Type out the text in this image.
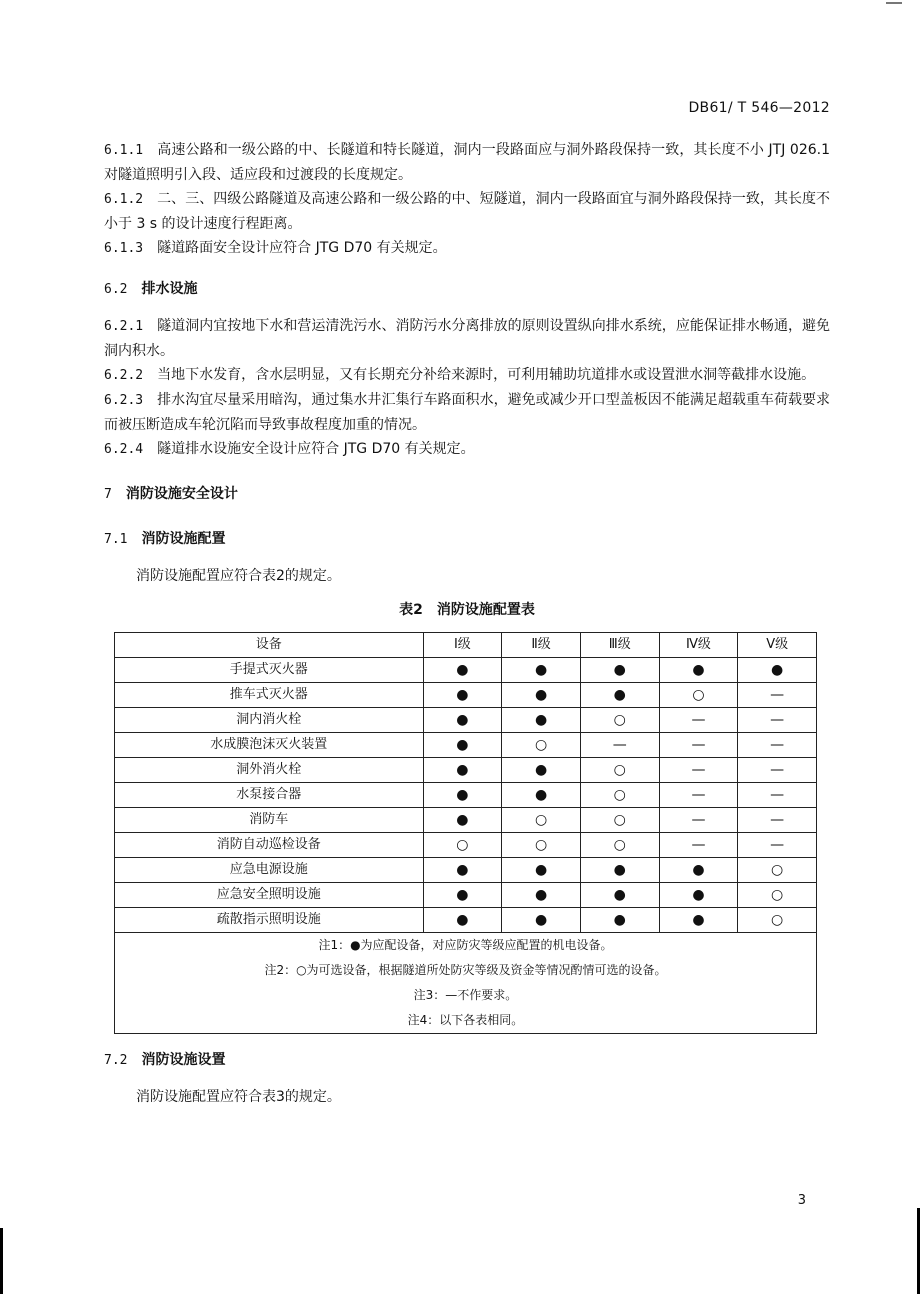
DB61/ T 546—2012

6.1.1 高速公路和一级公路的中、长隧道和特长隧道，洞内一段路面应与洞外路段保持一致，其长度不小 JTJ 026.1 对隧道照明引入段、适应段和过渡段的长度规定。

6.1.2 二、三、四级公路隧道及高速公路和一级公路的中、短隧道，洞内一段路面宜与洞外路段保持一致，其长度不小于 3 s 的设计速度行程距离。

6.1.3 隧道路面安全设计应符合 JTG D70 有关规定。

6.2 排水设施

6.2.1 隧道洞内宜按地下水和营运清洗污水、消防污水分离排放的原则设置纵向排水系统，应能保证排水畅通，避免洞内积水。

6.2.2 当地下水发育，含水层明显，又有长期充分补给来源时，可利用辅助坑道排水或设置泄水洞等截排水设施。

6.2.3 排水沟宜尽量采用暗沟，通过集水井汇集行车路面积水，避免或减少开口型盖板因不能满足超载重车荷载要求而被压断造成车轮沉陷而导致事故程度加重的情况。

6.2.4 隧道排水设施安全设计应符合 JTG D70 有关规定。

7 消防设施安全设计

7.1 消防设施配置

消防设施配置应符合表2的规定。

表2　消防设施配置表

设备	Ⅰ级	Ⅱ级	Ⅲ级	Ⅳ级	Ⅴ级
手提式灭火器	●	●	●	●	●
推车式灭火器	●	●	●	○	—
洞内消火栓	●	●	○	—	—
水成膜泡沫灭火装置	●	○	—	—	—
洞外消火栓	●	●	○	—	—
水泵接合器	●	●	○	—	—
消防车	●	○	○	—	—
消防自动巡检设备	○	○	○	—	—
应急电源设施	●	●	●	●	○
应急安全照明设施	●	●	●	●	○
疏散指示照明设施	●	●	●	●	○

注1：●为应配设备，对应防灾等级应配置的机电设备。
注2：○为可选设备，根据隧道所处防灾等级及资金等情况酌情可选的设备。
注3：—不作要求。
注4：以下各表相同。					

7.2 消防设施设置

消防设施配置应符合表3的规定。

3
